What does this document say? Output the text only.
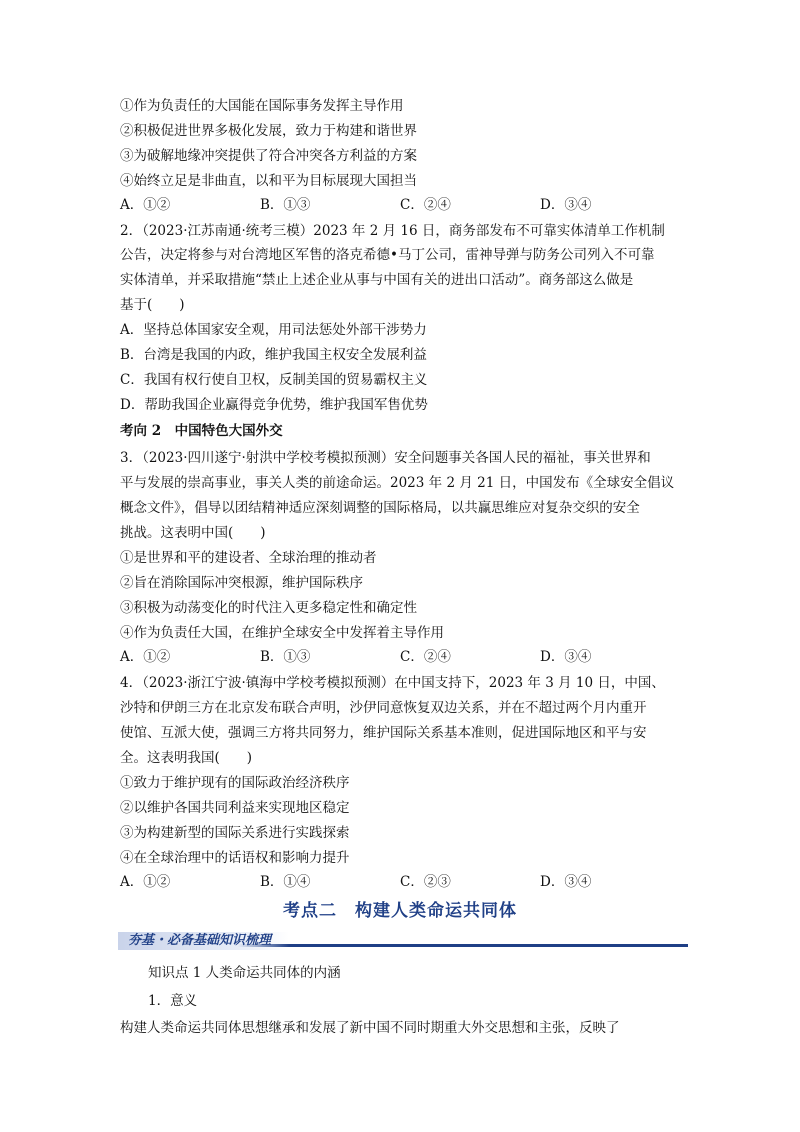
①作为负责任的大国能在国际事务发挥主导作用
②积极促进世界多极化发展，致力于构建和谐世界
③为破解地缘冲突提供了符合冲突各方利益的方案
④始终立足是非曲直，以和平为目标展现大国担当
A．①②	B．①③	C．②④	D．③④
2．（2023·江苏南通·统考三模）2023 年 2 月 16 日，商务部发布不可靠实体清单工作机制
公告，决定将参与对台湾地区军售的洛克希德•马丁公司，雷神导弹与防务公司列入不可靠
实体清单，并采取措施“禁止上述企业从事与中国有关的进出口活动”。商务部这么做是
基于(　　)
A．坚持总体国家安全观，用司法惩处外部干涉势力
B．台湾是我国的内政，维护我国主权安全发展利益
C．我国有权行使自卫权，反制美国的贸易霸权主义
D．帮助我国企业赢得竞争优势，维护我国军售优势
考向 2　中国特色大国外交
3．（2023·四川遂宁·射洪中学校考模拟预测）安全问题事关各国人民的福祉，事关世界和
平与发展的崇高事业，事关人类的前途命运。2023 年 2 月 21 日，中国发布《全球安全倡议
概念文件》，倡导以团结精神适应深刻调整的国际格局，以共赢思维应对复杂交织的安全
挑战。这表明中国(　　)
①是世界和平的建设者、全球治理的推动者
②旨在消除国际冲突根源，维护国际秩序
③积极为动荡变化的时代注入更多稳定性和确定性
④作为负责任大国，在维护全球安全中发挥着主导作用
A．①②	B．①③	C．②④	D．③④
4．（2023·浙江宁波·镇海中学校考模拟预测）在中国支持下，2023 年 3 月 10 日，中国、
沙特和伊朗三方在北京发布联合声明，沙伊同意恢复双边关系，并在不超过两个月内重开
使馆、互派大使，强调三方将共同努力，维护国际关系基本准则，促进国际地区和平与安
全。这表明我国(　　)
①致力于维护现有的国际政治经济秩序
②以维护各国共同利益来实现地区稳定
③为构建新型的国际关系进行实践探索
④在全球治理中的话语权和影响力提升
A．①②	B．①④	C．②③	D．③④
考点二　构建人类命运共同体
夯基・必备基础知识梳理
知识点 1 人类命运共同体的内涵
1．意义
构建人类命运共同体思想继承和发展了新中国不同时期重大外交思想和主张，反映了
